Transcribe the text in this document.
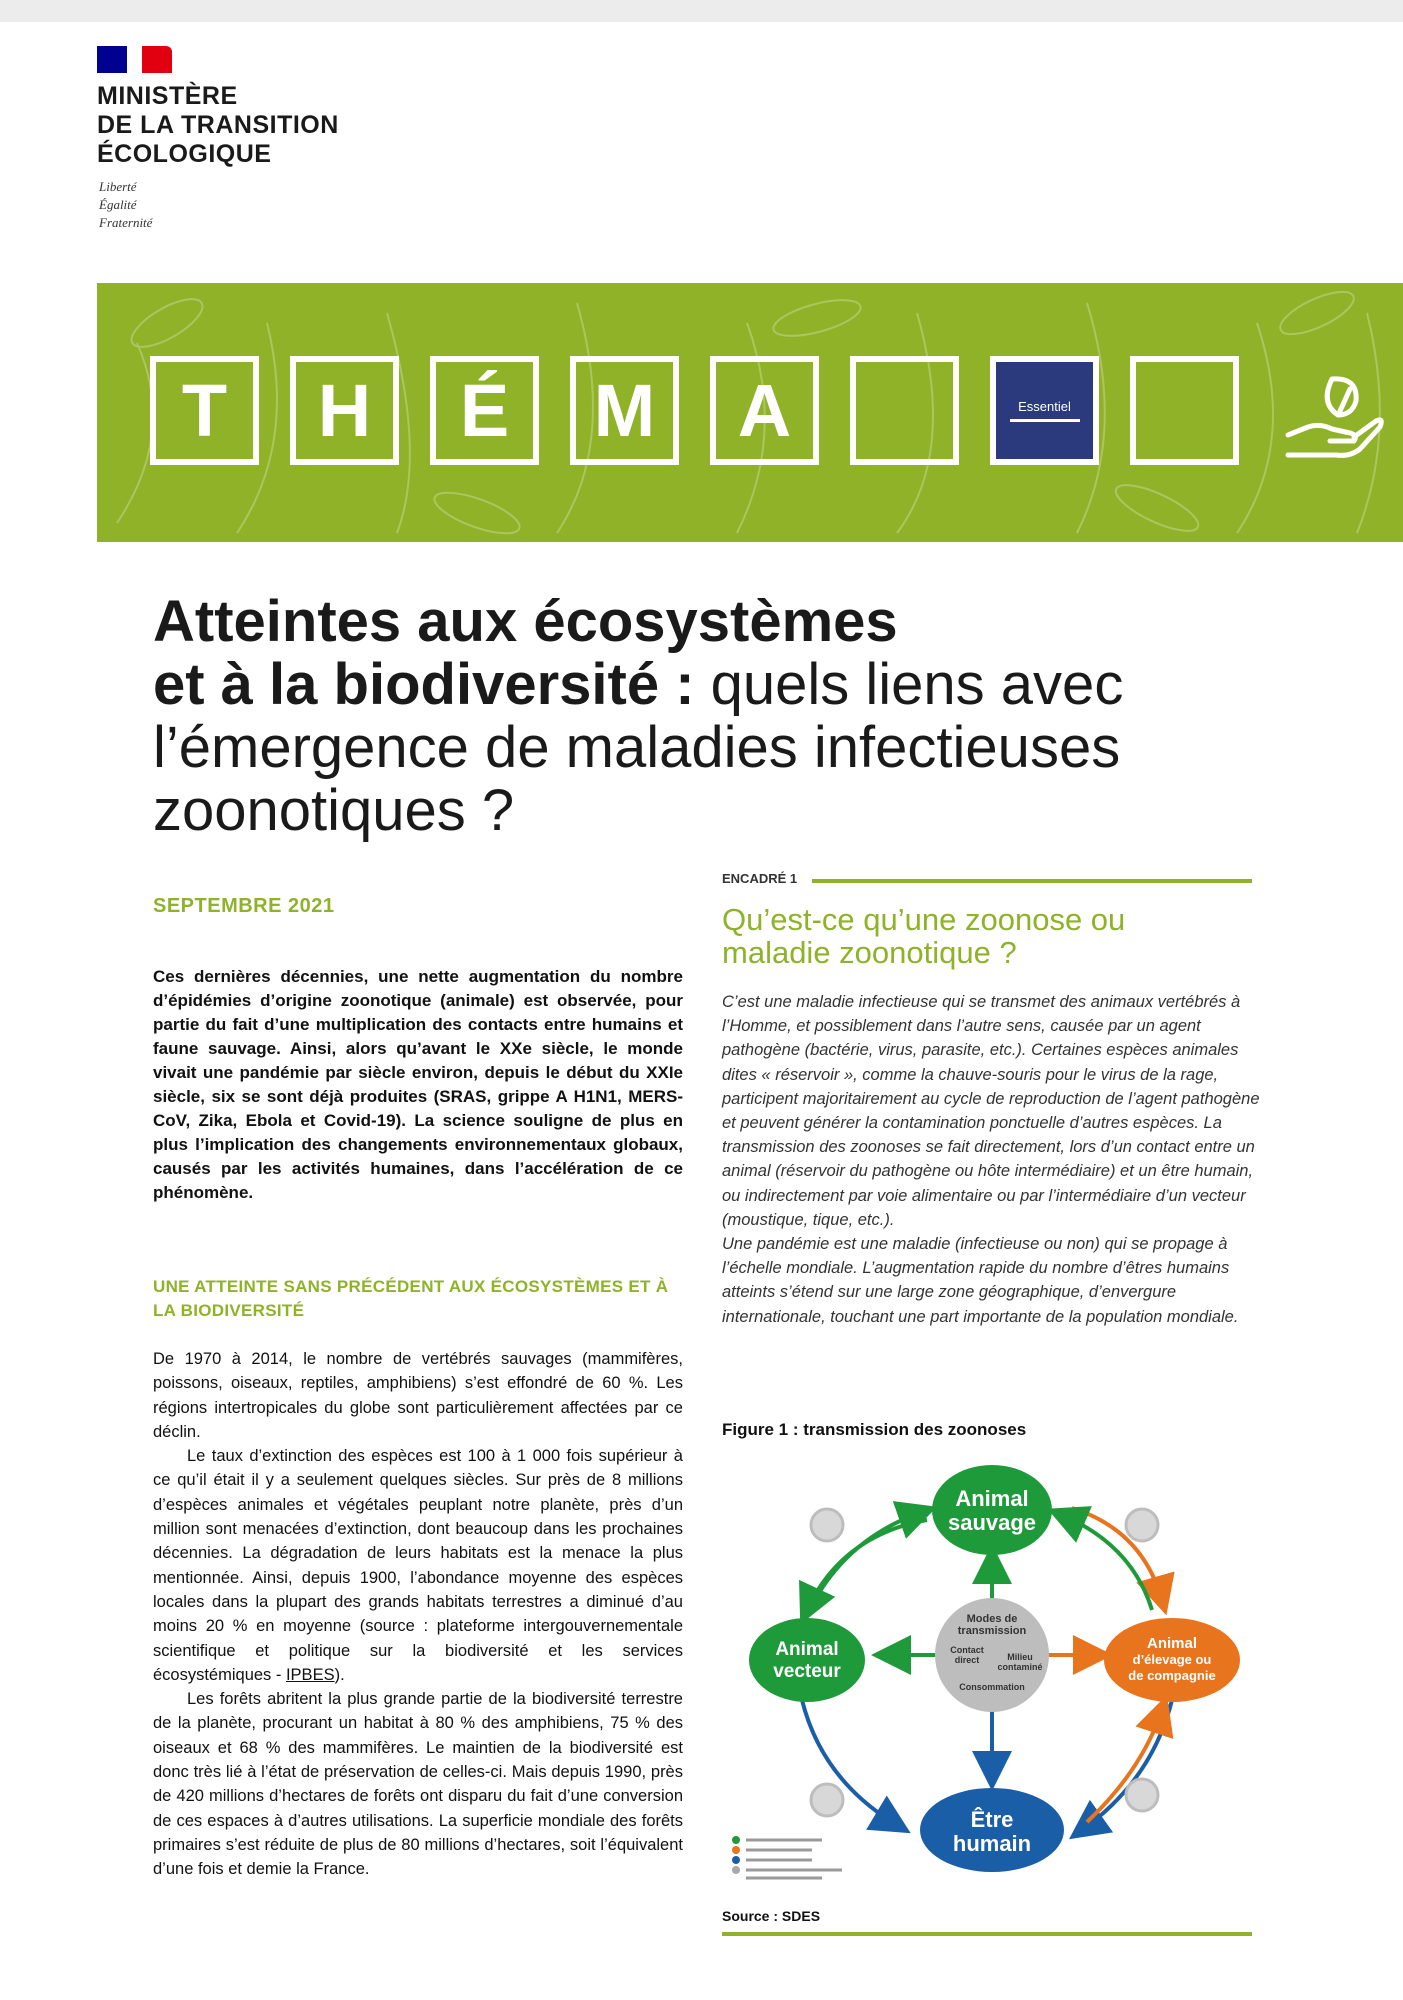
MINISTÈRE
DE LA TRANSITION
ÉCOLOGIQUE
Liberté
Égalité
Fraternité
T	H	É	M	A	Essentiel
Atteintes aux écosystèmes
et à la biodiversité : quels liens avec
l’émergence de maladies infectieuses
zoonotiques ?
SEPTEMBRE 2021
Ces dernières décennies, une nette augmentation du nombre d’épidémies d’origine zoonotique (animale) est observée, pour partie du fait d’une multiplication des contacts entre humains et faune sauvage. Ainsi, alors qu’avant le XXe siècle, le monde vivait une pandémie par siècle environ, depuis le début du XXIe siècle, six se sont déjà produites (SRAS, grippe A H1N1, MERS-CoV, Zika, Ebola et Covid-19). La science souligne de plus en plus l’implication des changements environnementaux globaux, causés par les activités humaines, dans l’accélération de ce phénomène.
UNE ATTEINTE SANS PRÉCÉDENT AUX ÉCOSYSTÈMES ET À LA BIODIVERSITÉ

De 1970 à 2014, le nombre de vertébrés sauvages (mammifères, poissons, oiseaux, reptiles, amphibiens) s’est effondré de 60 %. Les régions intertropicales du globe sont particulièrement affectées par ce déclin.

Le taux d’extinction des espèces est 100 à 1 000 fois supérieur à ce qu’il était il y a seulement quelques siècles. Sur près de 8 millions d’espèces animales et végétales peuplant notre planète, près d’un million sont menacées d’extinction, dont beaucoup dans les prochaines décennies. La dégradation de leurs habitats est la menace la plus mentionnée. Ainsi, depuis 1900, l’abondance moyenne des espèces locales dans la plupart des grands habitats terrestres a diminué d’au moins 20 % en moyenne (source : plateforme intergouvernementale scientifique et politique sur la biodiversité et les services écosystémiques - IPBES).

Les forêts abritent la plus grande partie de la biodiversité terrestre de la planète, procurant un habitat à 80 % des amphibiens, 75 % des oiseaux et 68 % des mammifères. Le maintien de la biodiversité est donc très lié à l’état de préservation de celles-ci. Mais depuis 1990, près de 420 millions d’hectares de forêts ont disparu du fait d’une conversion de ces espaces à d’autres utilisations. La superficie mondiale des forêts primaires s’est réduite de plus de 80 millions d’hectares, soit l’équivalent d’une fois et demie la France.

ENCADRÉ 1
Qu’est-ce qu’une zoonose ou maladie zoonotique ?

C’est une maladie infectieuse qui se transmet des animaux vertébrés à l’Homme, et possiblement dans l’autre sens, causée par un agent pathogène (bactérie, virus, parasite, etc.). Certaines espèces animales dites « réservoir », comme la chauve-souris pour le virus de la rage, participent majoritairement au cycle de reproduction de l’agent pathogène et peuvent générer la contamination ponctuelle d’autres espèces. La transmission des zoonoses se fait directement, lors d’un contact entre un animal (réservoir du pathogène ou hôte intermédiaire) et un être humain, ou indirectement par voie alimentaire ou par l’intermédiaire d’un vecteur (moustique, tique, etc.).

Une pandémie est une maladie (infectieuse ou non) qui se propage à l’échelle mondiale. L’augmentation rapide du nombre d’êtres humains atteints s’étend sur une large zone géographique, d’envergure internationale, touchant une part importante de la population mondiale.

Figure 1 : transmission des zoonoses
Modes de
transmission
Contact
direct	Milieu
contaminé
Consommation
Animal
sauvage
Animal
vecteur
Animal
d’élevage ou
de compagnie
Être
humain
Source : SDES
